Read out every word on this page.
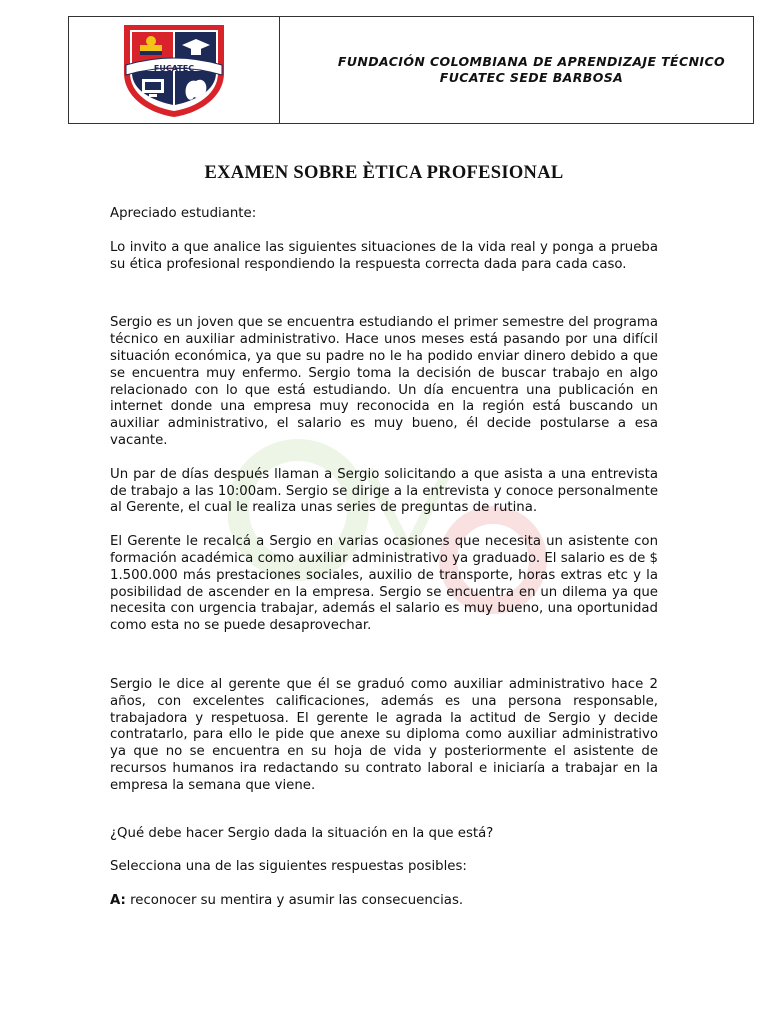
FUCATEC	FUNDACIÓN COLOMBIANA DE APRENDIZAJE TÉCNICO
FUCATEC SEDE BARBOSA
EXAMEN SOBRE ÈTICA PROFESIONAL

Apreciado estudiante:

Lo invito a que analice las siguientes situaciones de la vida real y ponga a prueba su ética profesional respondiendo la respuesta correcta dada para cada caso.

Sergio es un joven que se encuentra estudiando el primer semestre del programa técnico en auxiliar administrativo. Hace unos meses está pasando por una difícil situación económica, ya que su padre no le ha podido enviar dinero debido a que se encuentra muy enfermo. Sergio toma la decisión de buscar trabajo en algo relacionado con lo que está estudiando. Un día encuentra una publicación en internet donde una empresa muy reconocida en la región está buscando un auxiliar administrativo, el salario es muy bueno, él decide postularse a esa vacante.

Un par de días después llaman a Sergio solicitando a que asista a una entrevista de trabajo a las 10:00am. Sergio se dirige a la entrevista y conoce personalmente al Gerente, el cual le realiza unas series de preguntas de rutina.

El Gerente le recalcá a Sergio en varias ocasiones que necesita un asistente con formación académica como auxiliar administrativo ya graduado. El salario es de $ 1.500.000 más prestaciones sociales, auxilio de transporte, horas extras etc y la posibilidad de ascender en la empresa. Sergio se encuentra en un dilema ya que necesita con urgencia trabajar, además el salario es muy bueno, una oportunidad como esta no se puede desaprovechar.

Sergio le dice al gerente que él se graduó como auxiliar administrativo hace 2 años, con excelentes calificaciones, además es una persona responsable, trabajadora y respetuosa. El gerente le agrada la actitud de Sergio y decide contratarlo, para ello le pide que anexe su diploma como auxiliar administrativo ya que no se encuentra en su hoja de vida y posteriormente el asistente de recursos humanos ira redactando su contrato laboral e iniciaría a trabajar en la empresa la semana que viene.

¿Qué debe hacer Sergio dada la situación en la que está?

Selecciona una de las siguientes respuestas posibles:

A: reconocer su mentira y asumir las consecuencias.
